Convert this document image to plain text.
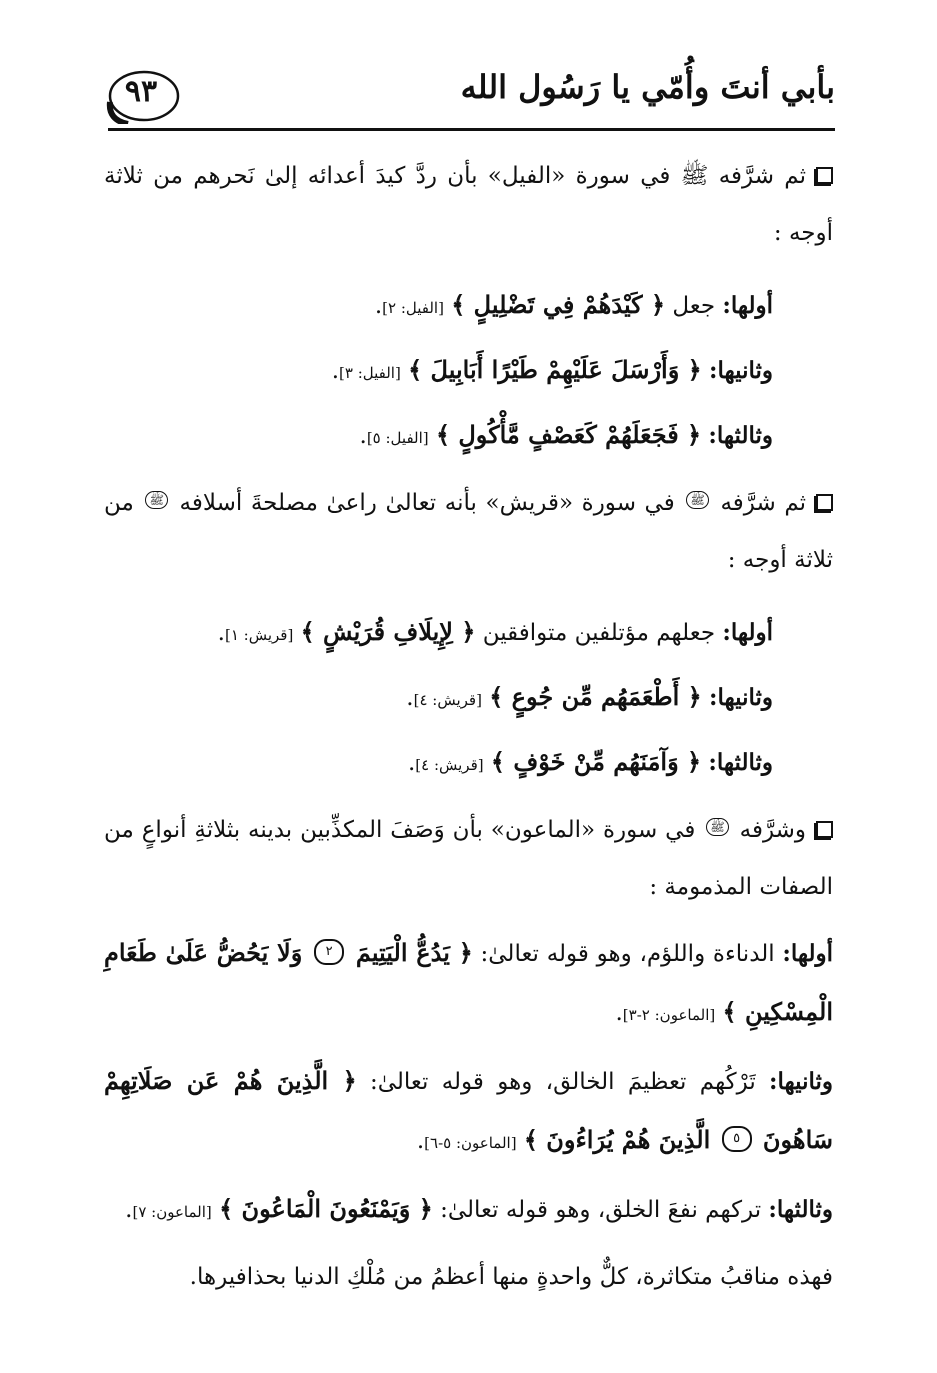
بأبي أنتَ وأُمّي يا رَسُول الله
٩٣

ثم شرَّفه ﷺ في سورة «الفيل» بأن ردَّ كيدَ أعدائه إلىٰ نَحرهم من ثلاثة أوجه :

أولها: جعل ﴿ كَيْدَهُمْ فِي تَضْلِيلٍ ﴾ [الفيل: ٢].

وثانيها: ﴿ وَأَرْسَلَ عَلَيْهِمْ طَيْرًا أَبَابِيلَ ﴾ [الفيل: ٣].

وثالثها: ﴿ فَجَعَلَهُمْ كَعَصْفٍ مَّأْكُولٍ ﴾ [الفيل: ٥].

ثم شرَّفه ﷺ في سورة «قريش» بأنه تعالىٰ راعىٰ مصلحةَ أسلافه ﷺ من ثلاثة أوجه :

أولها: جعلهم مؤتلفين متوافقين ﴿ لِإِيلَافِ قُرَيْشٍ ﴾ [قريش: ١].

وثانيها: ﴿ أَطْعَمَهُم مِّن جُوعٍ ﴾ [قريش: ٤].

وثالثها: ﴿ وَآمَنَهُم مِّنْ خَوْفٍ ﴾ [قريش: ٤].

وشرَّفه ﷺ في سورة «الماعون» بأن وَصَفَ المكذِّبين بدينه بثلاثةِ أنواعٍ من الصفات المذمومة :

أولها: الدناءة واللؤم، وهو قوله تعالىٰ: ﴿ يَدُعُّ الْيَتِيمَ ٢ وَلَا يَحُضُّ عَلَىٰ طَعَامِ الْمِسْكِينِ ﴾ [الماعون: ٢-٣].

وثانيها: تَرْكُهم تعظيمَ الخالق، وهو قوله تعالىٰ: ﴿ الَّذِينَ هُمْ عَن صَلَاتِهِمْ سَاهُونَ ٥ الَّذِينَ هُمْ يُرَاءُونَ ﴾ [الماعون: ٥-٦].

وثالثها: تركهم نفعَ الخلق، وهو قوله تعالىٰ: ﴿ وَيَمْنَعُونَ الْمَاعُونَ ﴾ [الماعون: ٧].

فهذه مناقبُ متكاثرة، كلٌّ واحدةٍ منها أعظمُ من مُلْكِ الدنيا بحذافيرها.
